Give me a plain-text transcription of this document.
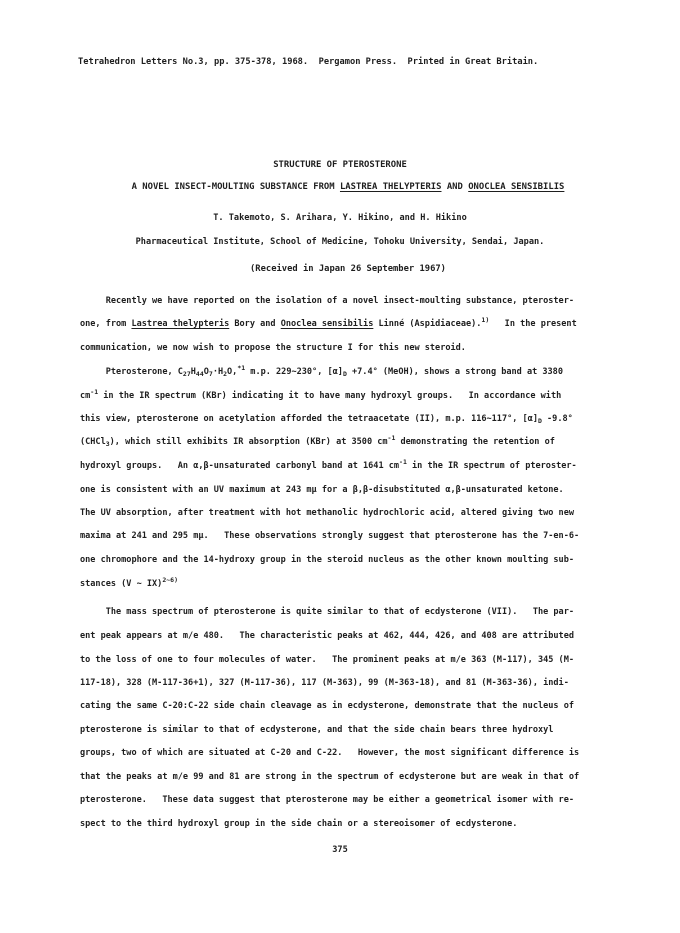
Tetrahedron Letters No.3, pp. 375-378, 1968.  Pergamon Press.  Printed in Great Britain.
STRUCTURE OF PTEROSTERONE
A NOVEL INSECT-MOULTING SUBSTANCE FROM LASTREA THELYPTERIS AND ONOCLEA SENSIBILIS
T. Takemoto, S. Arihara, Y. Hikino, and H. Hikino
Pharmaceutical Institute, School of Medicine, Tohoku University, Sendai, Japan.
(Received in Japan 26 September 1967)
Recently we have reported on the isolation of a novel insect-moulting substance, pteroster-
one, from Lastrea thelypteris Bory and Onoclea sensibilis Linné (Aspidiaceae).$^{1)}$   In the present
communication, we now wish to propose the structure I for this new steroid.
Pterosterone, $C_{27}H_{44}O_7\cdot H_2O,^{*1}$ m.p. 229~230°, $[\alpha]_D +7.4^\circ$ (MeOH), shows a strong band at 3380
$cm^{-1}$ in the IR spectrum (KBr) indicating it to have many hydroxyl groups.   In accordance with
this view, pterosterone on acetylation afforded the tetraacetate (II), m.p. 116~117°, $[\alpha]_D$ -9.8°
(CHCl$_3$), which still exhibits IR absorption (KBr) at 3500 $cm^{-1}$ demonstrating the retention of
hydroxyl groups.   An α,β-unsaturated carbonyl band at 1641 $cm^{-1}$ in the IR spectrum of pteroster-
one is consistent with an UV maximum at 243 mμ for a β,β-disubstituted α,β-unsaturated ketone.
The UV absorption, after treatment with hot methanolic hydrochloric acid, altered giving two new
maxima at 241 and 295 mμ.   These observations strongly suggest that pterosterone has the 7-en-6-
one chromophore and the 14-hydroxy group in the steroid nucleus as the other known moulting sub-
stances (V ~ IX)$^{2\sim 6)}$
The mass spectrum of pterosterone is quite similar to that of ecdysterone (VII).   The par-
ent peak appears at m/e 480.   The characteristic peaks at 462, 444, 426, and 408 are attributed
to the loss of one to four molecules of water.   The prominent peaks at m/e 363 (M-117), 345 (M-
117-18), 328 (M-117-36+1), 327 (M-117-36), 117 (M-363), 99 (M-363-18), and 81 (M-363-36), indi-
cating the same C-20:C-22 side chain cleavage as in ecdysterone, demonstrate that the nucleus of
pterosterone is similar to that of ecdysterone, and that the side chain bears three hydroxyl
groups, two of which are situated at C-20 and C-22.   However, the most significant difference is
that the peaks at m/e 99 and 81 are strong in the spectrum of ecdysterone but are weak in that of
pterosterone.   These data suggest that pterosterone may be either a geometrical isomer with re-
spect to the third hydroxyl group in the side chain or a stereoisomer of ecdysterone.
375
